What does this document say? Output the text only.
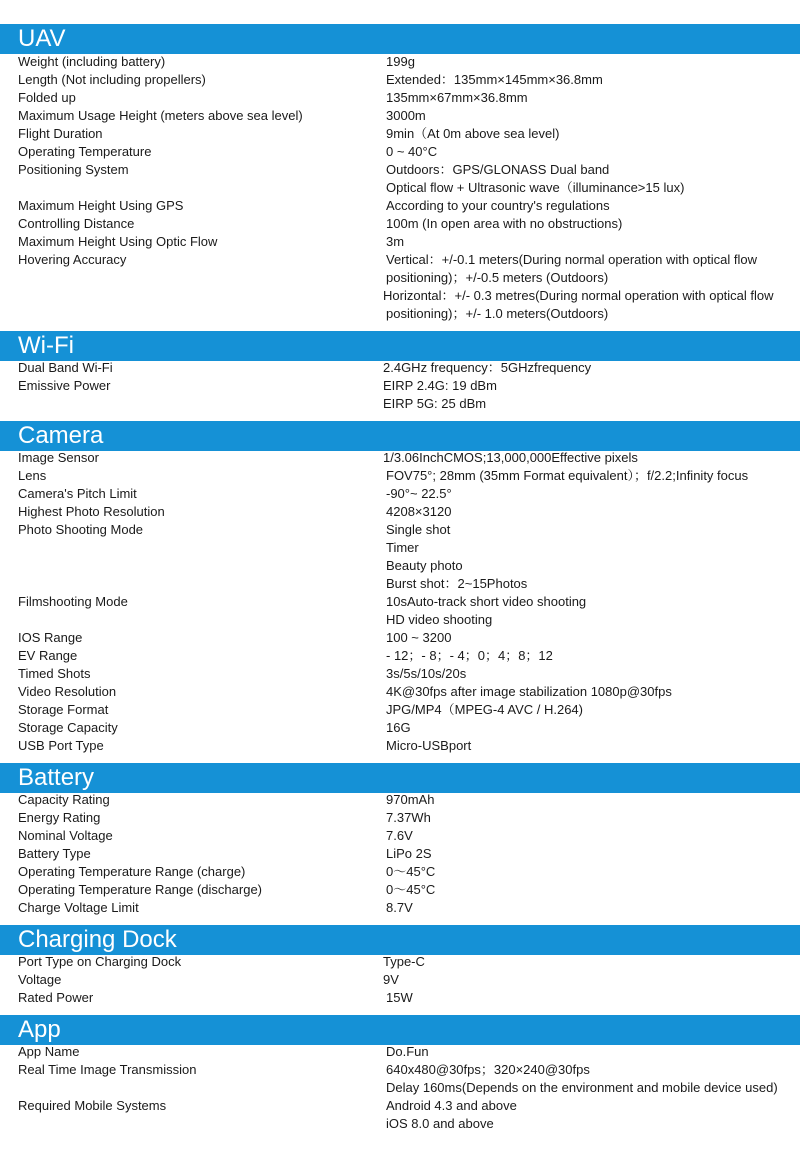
UAV
Weight (including battery)	199g
Length (Not including propellers)	Extended：135mm×145mm×36.8mm
Folded up	135mm×67mm×36.8mm
Maximum Usage Height (meters above sea level)	3000m
Flight Duration	9min（At 0m above sea level)
Operating Temperature	0 ~ 40°C
Positioning System	Outdoors：GPS/GLONASS Dual band
Optical flow + Ultrasonic wave（illuminance>15 lux)
Maximum Height Using GPS	According to your country's regulations
Controlling Distance	100m (In open area with no obstructions)
Maximum Height Using Optic Flow	3m
Hovering Accuracy	Vertical：+/-0.1 meters(During normal operation with optical flow
positioning)；+/-0.5 meters (Outdoors)
Horizontal：+/- 0.3 metres(During normal operation with optical flow
positioning)；+/- 1.0 meters(Outdoors)
Wi-Fi
Dual Band Wi-Fi	2.4GHz frequency：5GHzfrequency
Emissive Power	EIRP 2.4G: 19 dBm
EIRP 5G: 25 dBm
Camera
Image Sensor	1/3.06InchCMOS;13,000,000Effective pixels
Lens	FOV75°; 28mm (35mm Format equivalent）；f/2.2;Infinity focus
Camera's Pitch Limit	-90°~ 22.5°
Highest Photo Resolution	4208×3120
Photo Shooting Mode	Single shot
Timer
Beauty photo
Burst shot：2~15Photos
Filmshooting Mode	10sAuto-track short video shooting
HD video shooting
IOS Range	100 ~ 3200
EV Range	- 12；- 8；- 4；0；4；8；12
Timed Shots	3s/5s/10s/20s
Video Resolution	4K@30fps after image stabilization 1080p@30fps
Storage Format	JPG/MP4（MPEG-4 AVC / H.264)
Storage Capacity	16G
USB Port Type	Micro-USBport
Battery
Capacity Rating	970mAh
Energy Rating	7.37Wh
Nominal Voltage	7.6V
Battery Type	LiPo 2S
Operating Temperature Range (charge)	0～45°C
Operating Temperature Range (discharge)	0～45°C
Charge Voltage Limit	8.7V
Charging Dock
Port Type on Charging Dock	Type-C
Voltage	9V
Rated Power	15W
App
App Name	Do.Fun
Real Time Image Transmission	640x480@30fps；320×240@30fps
Delay 160ms(Depends on the environment and mobile device used)
Required Mobile Systems	Android 4.3 and above
iOS 8.0 and above
